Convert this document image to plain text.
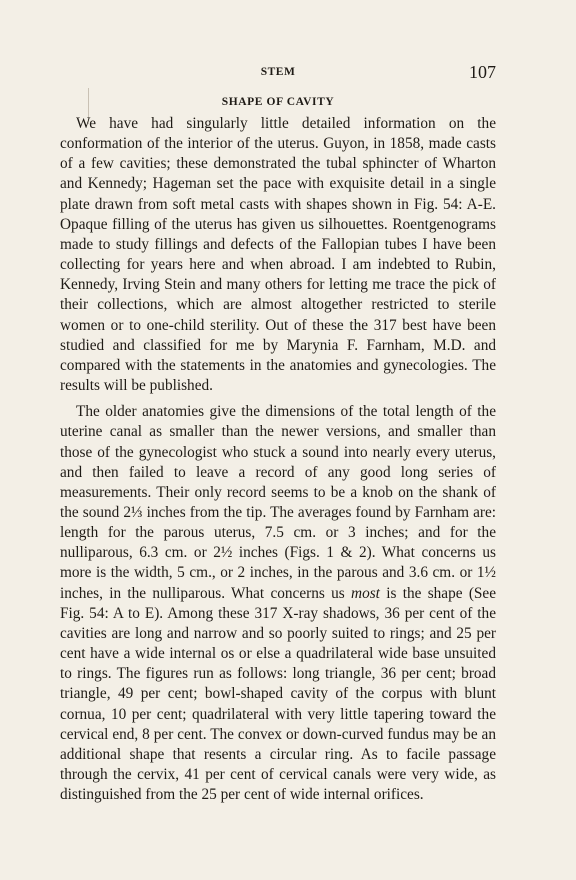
STEM	107
SHAPE OF CAVITY

We have had singularly little detailed information on the conformation of the interior of the uterus. Guyon, in 1858, made casts of a few cavities; these demonstrated the tubal sphincter of Wharton and Kennedy; Hageman set the pace with exquisite detail in a single plate drawn from soft metal casts with shapes shown in Fig. 54: A-E. Opaque filling of the uterus has given us silhouettes. Roentgenograms made to study fillings and defects of the Fallopian tubes I have been collecting for years here and when abroad. I am indebted to Rubin, Kennedy, Irving Stein and many others for letting me trace the pick of their collections, which are almost altogether restricted to sterile women or to one-child sterility. Out of these the 317 best have been studied and classified for me by Marynia F. Farnham, M.D. and compared with the statements in the anatomies and gynecologies. The results will be published.

The older anatomies give the dimensions of the total length of the uterine canal as smaller than the newer versions, and smaller than those of the gynecologist who stuck a sound into nearly every uterus, and then failed to leave a record of any good long series of measurements. Their only record seems to be a knob on the shank of the sound 2⅓ inches from the tip. The averages found by Farnham are: length for the parous uterus, 7.5 cm. or 3 inches; and for the nulliparous, 6.3 cm. or 2½ inches (Figs. 1 & 2). What concerns us more is the width, 5 cm., or 2 inches, in the parous and 3.6 cm. or 1½ inches, in the nulliparous. What concerns us most is the shape (See Fig. 54: A to E). Among these 317 X-ray shadows, 36 per cent of the cavities are long and narrow and so poorly suited to rings; and 25 per cent have a wide internal os or else a quadrilateral wide base unsuited to rings. The figures run as follows: long triangle, 36 per cent; broad triangle, 49 per cent; bowl-shaped cavity of the corpus with blunt cornua, 10 per cent; quadrilateral with very little tapering toward the cervical end, 8 per cent. The convex or down-curved fundus may be an additional shape that resents a circular ring. As to facile passage through the cervix, 41 per cent of cervical canals were very wide, as distinguished from the 25 per cent of wide internal orifices.
